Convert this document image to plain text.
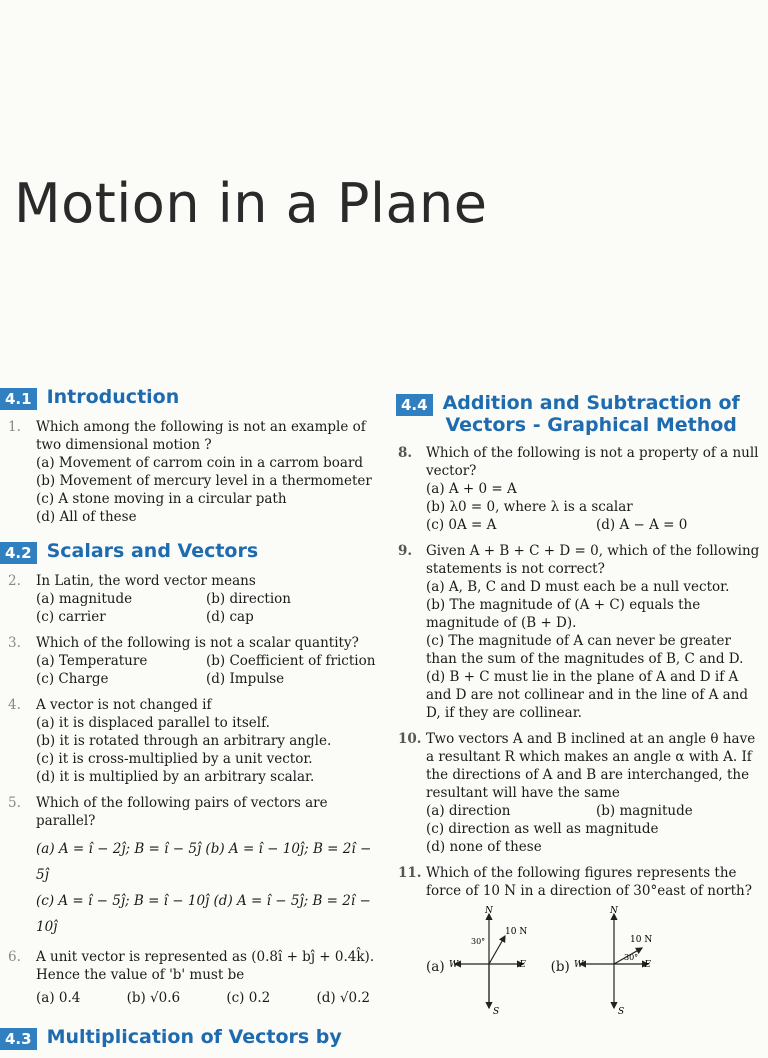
Motion in a Plane
4.1 Introduction
1.	Which among the following is not an example of two dimensional motion ?
(a) Movement of carrom coin in a carrom board
(b) Movement of mercury level in a thermometer
(c) A stone moving in a circular path
(d) All of these
4.2 Scalars and Vectors
2.	In Latin, the word vector means
(a) magnitude	(b) direction
(c) carrier	(d) cap
3.	Which of the following is not a scalar quantity?
(a) Temperature	(b) Coefficient of friction
(c) Charge	(d) Impulse
4.	A vector is not changed if
(a) it is displaced parallel to itself.
(b) it is rotated through an arbitrary angle.
(c) it is cross-multiplied by a unit vector.
(d) it is multiplied by an arbitrary scalar.
5.	Which of the following pairs of vectors are parallel?
(a) A = î − 2ĵ; B = î − 5ĵ (b) A = î − 10ĵ; B = 2î − 5ĵ
(c) A = î − 5ĵ; B = î − 10ĵ (d) A = î − 5ĵ; B = 2î − 10ĵ
6.	A unit vector is represented as (0.8î + bĵ + 0.4k̂). Hence the value of 'b' must be
(a) 0.4	(b) √0.6	(c) 0.2	(d) √0.2
4.3 Multiplication of Vectors by
4.4 Addition and Subtraction of
Vectors - Graphical Method
8.	Which of the following is not a property of a null vector?
(a) A + 0 = A
(b) λ0 = 0, where λ is a scalar
(c) 0A = A	(d) A − A = 0
9.	Given A + B + C + D = 0, which of the following statements is not correct?
(a) A, B, C and D must each be a null vector.
(b) The magnitude of (A + C) equals the magnitude of (B + D).
(c) The magnitude of A can never be greater than the sum of the magnitudes of B, C and D.
(d) B + C must lie in the plane of A and D if A and D are not collinear and in the line of A and D, if they are collinear.
10. Two vectors A and B inclined at an angle θ have a resultant R which makes an angle α with A. If the directions of A and B are interchanged, the resultant will have the same
(a) direction	(b) magnitude
(c) direction as well as magnitude
(d) none of these
11. Which of the following figures represents the force of 10 N in a direction of 30°east of north?
(a)
N
E
W
S
10 N
30°
(b)
N
E
W
S
10 N
30°
